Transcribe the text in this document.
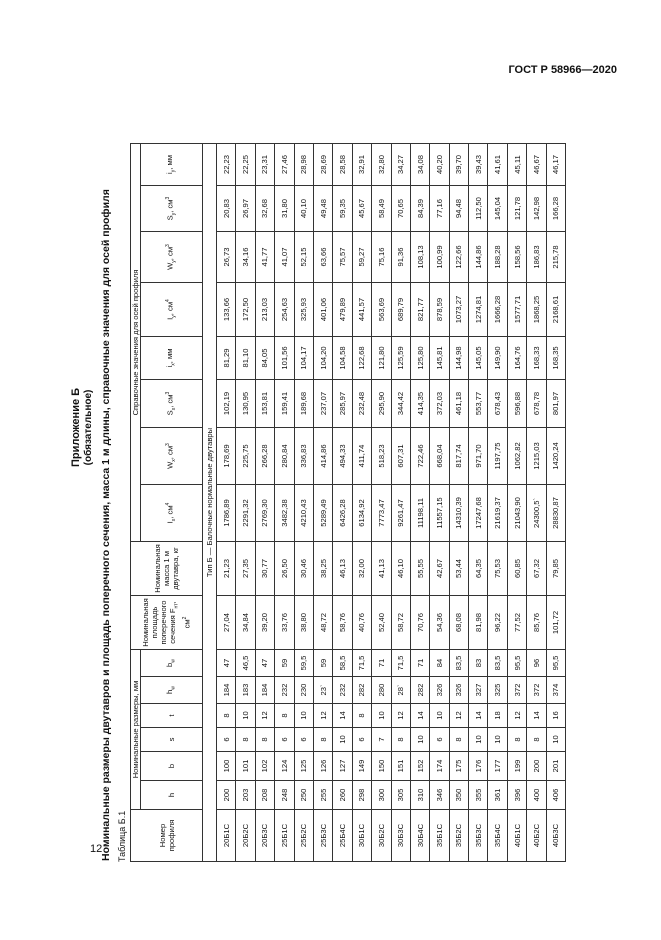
ГОСТ Р 58966—2020
12
Приложение Б (обязательное) Номинальные размеры двутавров и площадь поперечного сечения, масса 1 м длины, справочные значения для осей профиля Таблица Б.1	Номер профиля	Номинальные размеры, мм						Номинальная площадь поперечного сечения $F_{нт}$, $см^2$	Номинальная масса 1 м двутавра, кг	Справочные значения для осей профиля							
	h	b	s	t	$h_w$	$b_w$			$I_x$, $см^4$	$W_x$, $см^3$	$S_x$, $см^3$	$i_x$, мм	$I_y$, $см^4$	$W_y$, $см^3$	$S_y$, $см^3$	$i_y$, мм
Тип Б — Балочные нормальные двутавры																
20Б1С	200	100	6	8	184	47	27,04	21,23	1786,89	178,69	102,19	81,29	133,66	26,73	20,83	22,23
20Б2С	203	101	8	10	183	46,5	34,84	27,35	2291,32	225,75	130,95	81,10	172,50	34,16	26,97	22,25
20Б3С	208	102	8	12	184	47	39,20	30,77	2769,30	266,28	153,81	84,05	213,03	41,77	32,68	23,31
25Б1С	248	124	6	8	232	59	33,76	26,50	3482,38	280,84	159,41	101,56	254,63	41,07	31,80	27,46
25Б2С	250	125	6	10	230	59,5	38,80	30,46	4210,43	336,83	189,68	104,17	325,93	52,15	40,10	28,98
25Б3С	255	126	8	12	23`	59	48,72	38,25	5289,49	414,86	237,07	104,20	401,06	63,66	49,48	28,69
25Б4С	260	127	10	14	232	58,5	58,76	46,13	6426,28	494,33	285,97	104,58	479,89	75,57	59,35	28,58
30Б1С	298	149	6	8	282	71,5	40,76	32,00	6134,92	411,74	232,48	122,68	441,57	59,27	45,67	32,91
30Б2С	300	150	7	10	280	71	52,40	41,13	7773,47	518,23	295,90	121,80	563,69	75,16	58,49	32,80
30Б3С	305	151	8	12	28`	71,5	58,72	46,10	9261,47	607,31	344,42	125,59	689,79	91,36	70,65	34,27
30Б4С	310	152	10	14	282	71	70,76	55,55	11198,11	722,46	414,35	125,80	821,77	108,13	84,39	34,08
35Б1С	346	174	6	10	326	84	54,36	42,67	11557,15	668,04	372,03	145,81	878,59	100,99	77,16	40,20
35Б2С	350	175	8	12	326	83,5	68,08	53,44	14310,39	817,74	461,18	144,98	1073,27	122,66	94,48	39,70
35Б3С	355	176	10	14	327	83	81,98	64,35	17247,68	971,70	553,77	145,05	1274,81	144,86	112,50	39,43
35Б4С	361	177	10	18	325	83,5	96,22	75,53	21619,37	1197,75	678,43	149,90	1666,28	188,28	145,04	41,61
40Б1С	396	199	8	12	372	95,5	77,52	60,85	21043,90	1062,82	596,88	164,76	1577,71	158,56	121,78	45,11
40Б2С	400	200	8	14	372	96	85,76	67,32	24300,5`	1215,03	678,78	168,33	1868,25	186,83	142,98	46,67
40Б3С	406	201	10	16	374	95,5	101,72	79,85	28830,87	1420,24	801,97	168,35	2168,61	215,78	166,28	46,17
